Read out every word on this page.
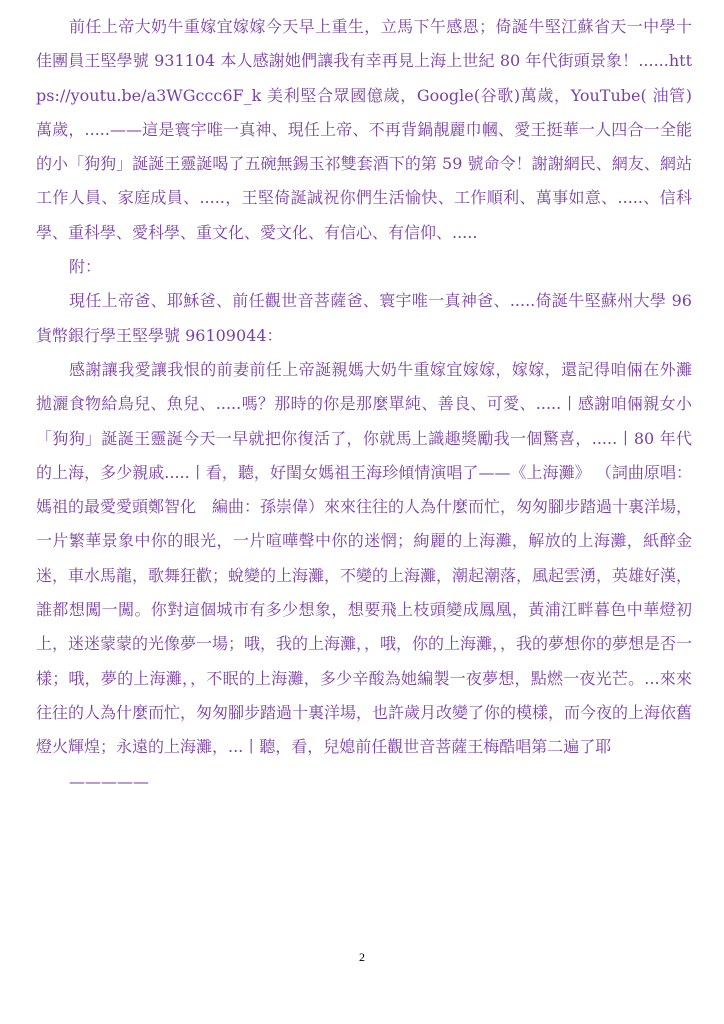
前任上帝大奶牛重嫁宜嫁嫁今天早上重生，立馬下午感恩；倚誕牛堅江蘇省天一中學十佳團員王堅學號 931104 本人感謝她們讓我有幸再見上海上世紀 80 年代街頭景象！......https://youtu.be/a3WGccc6F_k 美利堅合眾國億歲，Google(谷歌)萬歲，YouTube( 油管)萬歲，.....——這是寰宇唯一真神、現任上帝、不再背鍋靚麗巾幗、愛王挺華一人四合一全能的小「狗狗」誕誕王靈誕喝了五碗無錫玉祁雙套酒下的第 59 號命令！謝謝網民、網友、網站工作人員、家庭成員、.....，王堅倚誕誠祝你們生活愉快、工作順利、萬事如意、.....、信科學、重科學、愛科學、重文化、愛文化、有信心、有信仰、.....

附：

現任上帝爸、耶穌爸、前任觀世音菩薩爸、寰宇唯一真神爸、.....倚誕牛堅蘇州大學 96 貨幣銀行學王堅學號 96109044：

感謝讓我愛讓我恨的前妻前任上帝誕親媽大奶牛重嫁宜嫁嫁，嫁嫁，還記得咱倆在外灘拋灑食物給鳥兒、魚兒、.....嗎？那時的你是那麼單純、善良、可愛、.....丨感謝咱倆親女小「狗狗」誕誕王靈誕今天一早就把你復活了，你就馬上識趣獎勵我一個驚喜，.....丨80 年代的上海，多少親戚.....丨看，聽，好閨女媽祖王海珍傾情演唱了——《上海灘》 （詞曲原唱：媽祖的最愛愛頭鄭智化　編曲：孫崇偉）來來往往的人為什麼而忙，匆匆腳步踏過十裏洋場，一片繁華景象中你的眼光，一片喧嘩聲中你的迷惘；絢麗的上海灘，解放的上海灘，紙醉金迷，車水馬龍，歌舞狂歡；蛻變的上海灘，不變的上海灘，潮起潮落，風起雲湧，英雄好漢，誰都想闖一闖。你對這個城市有多少想象，想要飛上枝頭變成鳳凰，黃浦江畔暮色中華燈初上，迷迷蒙蒙的光像夢一場；哦，我的上海灘，，哦，你的上海灘，，我的夢想你的夢想是否一樣；哦，夢的上海灘，，不眠的上海灘，多少辛酸為她編製一夜夢想，點燃一夜光芒。...來來往往的人為什麼而忙，匆匆腳步踏過十裏洋場，也許歲月改變了你的模樣，而今夜的上海依舊燈火輝煌；永遠的上海灘，...丨聽，看，兒媳前任觀世音菩薩王梅酷唱第二遍了耶

—————

2
